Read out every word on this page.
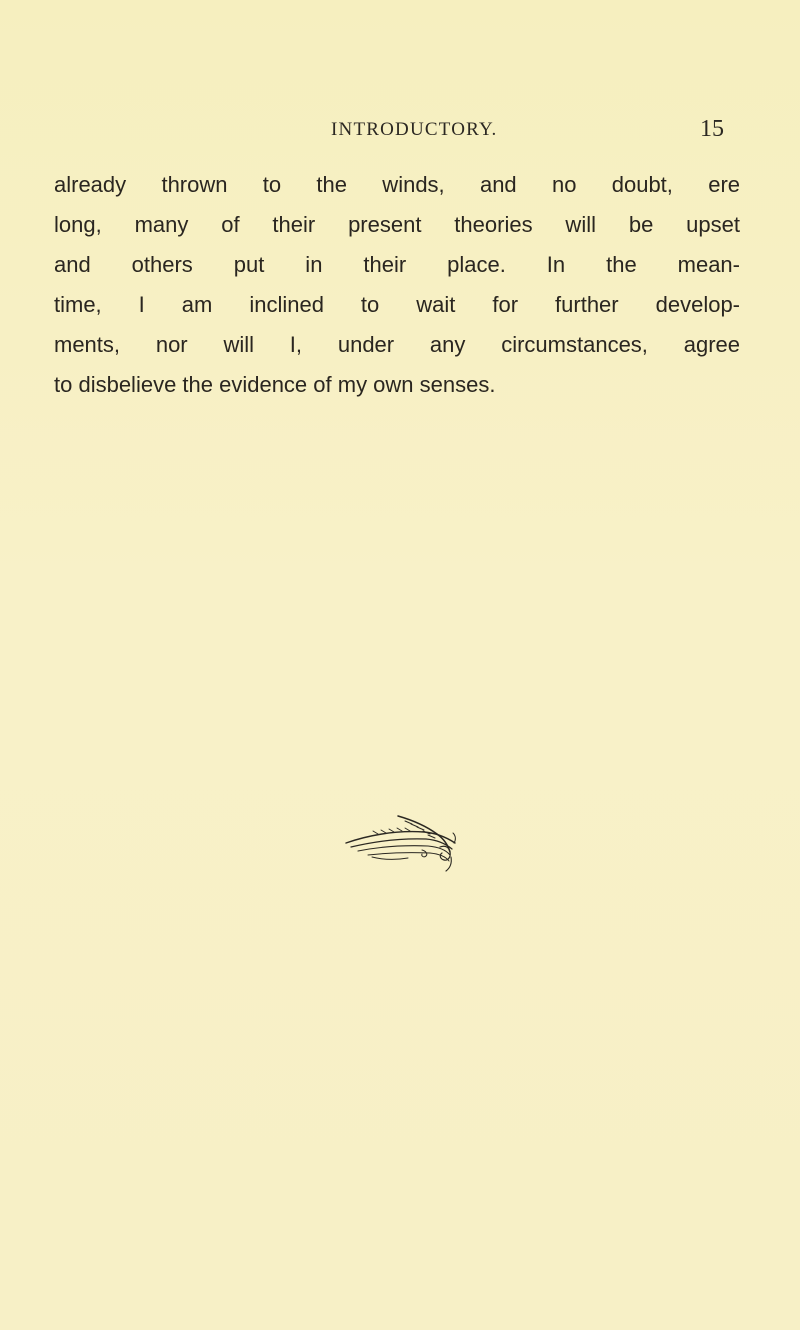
INTRODUCTORY.	15
already thrown to the winds, and no doubt, ere
long, many of their present theories will be upset
and others put in their place. In the mean-
time, I am inclined to wait for further develop-
ments, nor will I, under any circumstances, agree
to disbelieve the evidence of my own senses.
